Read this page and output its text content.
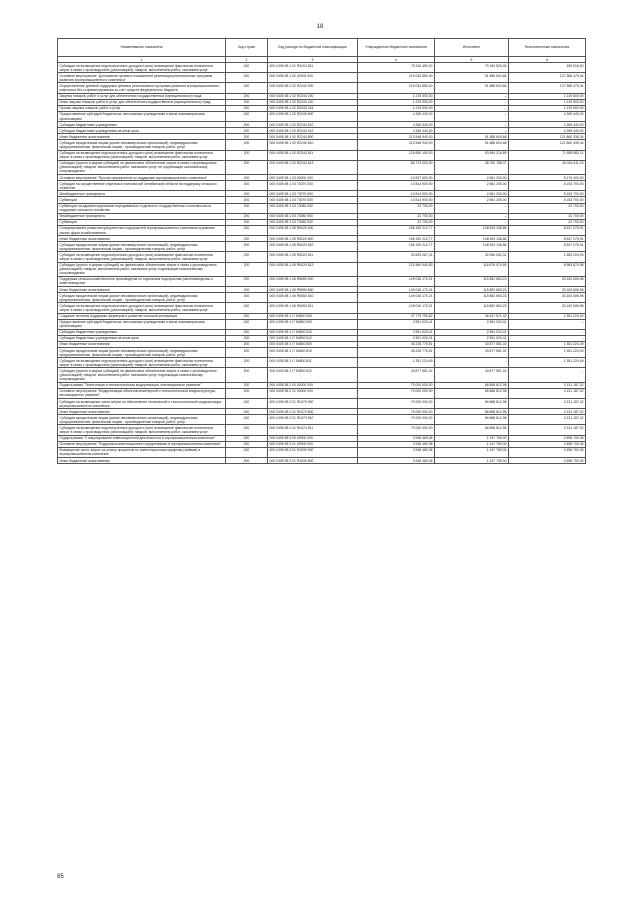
18
Наименование показателя	Код строки	Код расхода по бюджетной классификации	Утвержденные бюджетные назначения	Исполнено	Неисполненные назначения
1	2	3	4	5	6
Субсидии на возмещение недополученных доходов и (или) возмещение фактически понесенных затрат в связи с производством (реализацией) товаров, выполнением работ, оказанием услуг	200	000 0405 58 1 01 R3410 811	79 316 450,00	79 160 520,00	155 918,00
Основное мероприятие "Достижение целевых показателей реализации региональных программ развития агропромышленного комплекса"	200	000 0405 58 1 02 00000 000	219 033 880,00	91 688 604,66	127 365 475,34
Осуществление долевой поддержки целевых региональных программ развития агропромышленного комплекса без софинансирования за счет средств федерального бюджета	200	000 0405 58 1 02 R2240 000	219 033 880,00	91 688 604,66	127 365 475,34
Закупка товаров, работ и услуг для обеспечения государственных (муниципальных) нужд	200	000 0405 58 1 02 R2240 200	1 219 500,00	–	1 219 500,00
Иные закупки товаров, работ и услуг для обеспечения государственных (муниципальных) нужд	200	000 0405 58 1 02 R2240 240	1 219 500,00	–	1 219 500,00
Прочая закупка товаров, работ и услуг	200	000 0405 58 1 02 R2240 244	1 219 500,00	–	1 219 500,00
Предоставление субсидий бюджетным, автономным учреждениям и иным некоммерческим организациям	200	000 0405 58 1 02 R2240 600	4 265 440,00	–	4 265 440,00
Субсидии бюджетным учреждениям	200	000 0405 58 1 02 R2240 610	4 265 440,00	–	4 265 440,00
Субсидии бюджетным учреждениям на иные цели	200	000 0405 58 1 02 R2240 612	4 265 440,00	–	4 265 440,00
Иные бюджетные ассигнования	200	000 0405 58 1 02 R2240 800	213 548 940,00	91 688 604,66	121 860 335,34
Субсидии юридическим лицам (кроме некоммерческих организаций), индивидуальным предпринимателям, физическим лицам - производителям товаров, работ, услуг	200	000 0405 58 1 02 R2240 810	213 548 940,00	91 688 604,66	121 860 335,34
Субсидии на возмещение недополученных доходов и (или) возмещение фактически понесенных затрат в связи с производством (реализацией) товаров, выполнением работ, оказанием услуг	200	000 0405 58 1 02 R2240 811	125 850 100,00	53 994 216,89	71 855 883,11
Субсидии (гранты в форме субсидий) на финансовое обеспечение затрат в связи с производством (реализацией) товаров, выполнением работ, оказанием услуг, не подлежащие казначейскому сопровождению	200	000 0405 58 1 02 R2240 813	83 723 000,00	38 750 788,07	45 016 611,23
Основное мероприятие "Прочие мероприятия по поддержке агропромышленного комплекса"	200	000 0405 58 1 03 00000 000	10 837 600,00	2 661 200,00	8 176 400,00
Субсидии на осуществление отдельных полномочий Челябинской области на поддержку сельского хозяйства	200	000 0405 58 1 03 73070 000	10 814 900,00	2 661 200,00	8 153 700,00
Межбюджетные трансферты	200	000 0405 58 1 03 73070 500	10 814 900,00	2 661 200,00	8 153 700,00
Субвенции	200	000 0405 58 1 03 73070 530	10 814 900,00	2 661 200,00	8 153 700,00
Субвенции на администрирование передаваемого отдельного государственного полномочия по поддержке сельского хозяйства	200	000 0405 58 1 03 73080 000	22 700,00	–	22 700,00
Межбюджетные трансферты	200	000 0405 58 1 03 73080 500	22 700,00	–	22 700,00
Субвенции	200	000 0405 58 1 03 73080 530	22 700,00	–	22 700,00
Стимулирование развития приоритетных подотраслей агропромышленного комплекса и развитие малых форм хозяйствования	200	000 0405 58 1 05 R5020 000	156 190 212,77	148 943 136,86	8 547 075,91
Иные бюджетные ассигнования	200	000 0405 58 1 05 R5020 800	156 190 212,77	148 943 136,86	8 547 075,91
Субсидии юридическим лицам (кроме некоммерческих организаций), индивидуальным предпринимателям, физическим лицам - производителям товаров, работ, услуг	200	000 0405 58 1 05 R5020 810	156 190 212,77	148 943 136,86	8 547 075,91
Субсидии на возмещение недополученных доходов и (или) возмещение фактически понесенных затрат в связи с производством (реализацией) товаров, выполнением работ, оказанием услуг	200	000 0405 58 1 05 R5020 811	33 629 267,24	32 066 062,31	1 563 204,93
Субсидии (гранты в форме субсидий) на финансовое обеспечение затрат в связи с производством (реализацией) товаров, выполнением работ, оказанием услуг, подлежащие казначейскому сопровождению	200	000 0405 58 1 05 R5020 813	122 560 945,53	116 876 074,55	6 983 870,98
Поддержка сельскохозяйственного производства по отдельным подотраслям растениеводства и животноводства	200	000 0405 58 1 06 R5080 000	149 016 170,21	115 852 663,23	33 163 506,98
Иные бюджетные ассигнования	200	000 0405 58 1 06 R5080 800	149 016 170,21	115 852 663,23	33 163 506,98
Субсидии юридическим лицам (кроме некоммерческих организаций), индивидуальным предпринимателям, физическим лицам - производителям товаров, работ, услуг	200	000 0405 58 1 06 R5080 810	149 016 170,21	115 852 663,23	33 163 506,98
Субсидии на возмещение недополученных доходов и (или) возмещение фактически понесенных затрат в связи с производством (реализацией) товаров, выполнением работ, оказанием услуг	200	000 0405 58 1 06 R5080 811	149 016 170,21	115 852 663,23	33 163 506,98
Создание системы поддержки фермеров и развитие сельской кооперации	200	000 0405 58 1 I7 54800 000	47 779 795,82	46 427 571,42	1 351 224,40
Предоставление субсидий бюджетным, автономным учреждениям и иным некоммерческим организациям	200	000 0405 58 1 I7 54800 600	2 551 020,41	2 551 020,41	–
Субсидии бюджетным учреждениям	200	000 0405 58 1 I7 54800 610	2 551 020,41	2 551 020,41	–
Субсидии бюджетным учреждениям на иные цели	200	000 0405 58 1 I7 54800 612	2 551 020,41	2 551 020,41	–
Иные бюджетные ассигнования	200	000 0405 58 1 I7 54800 800	45 228 775,51	43 877 551,02	1 351 224,49
Субсидии юридическим лицам (кроме некоммерческих организаций), индивидуальным предпринимателям, физическим лицам - производителям товаров, работ, услуг	200	000 0405 58 1 I7 54800 810	45 228 775,51	43 877 551,02	1 351 224,49
Субсидии на возмещение недополученных доходов и (или) возмещение фактически понесенных затрат в связи с производством (реализацией) товаров, выполнением работ, оказанием услуг	200	000 0405 58 1 I7 54800 811	1 351 224,49	–	1 351 224,49
Субсидии (гранты в форме субсидий) на финансовое обеспечение затрат в связи с производством (реализацией) товаров, выполнением работ, оказанием услуг, подлежащие казначейскому сопровождению	200	000 0405 58 1 I7 54800 812	43 877 551,02	43 877 551,02	–
Подпрограмма "Техническая и технологическая модернизация, инновационное развитие"	200	000 0405 58 2 00 00000 000	70 000 000,00	66 868 812,98	3 131 187,02
Основное мероприятие "Модернизация объектов инженерной и технологической инфраструктуры, инновационное развитие"	200	000 0405 58 2 01 00000 000	70 000 000,00	66 868 812,98	3 131 187,02
Субсидии на возмещение части затрат на обеспечение технической и технологической модернизации агропромышленного комплекса	200	000 0405 58 2 01 R2470 000	70 000 000,00	66 868 812,98	3 131 187,02
Иные бюджетные ассигнования	200	000 0405 58 2 01 R2470 800	70 000 000,00	66 868 812,98	3 131 187,02
Субсидии юридическим лицам (кроме некоммерческих организаций), индивидуальным предпринимателям, физическим лицам - производителям товаров, работ, услуг	200	000 0405 58 2 01 R2470 810	70 000 000,00	66 868 812,98	3 131 187,02
Субсидии на возмещение недополученных доходов и (или) возмещение фактически понесенных затрат в связи с производством (реализацией) товаров, выполнением работ, оказанием услуг	200	000 0405 58 2 01 R2470 811	70 000 000,00	66 868 812,98	3 131 187,02
Подпрограмма "Стимулирование инвестиционной деятельности в агропромышленном комплексе"	200	000 0405 58 3 00 00000 000	3 946 469,36	1 247 769,00	2 698 700,36
Основное мероприятие "Поддержка инвестиционного кредитования в агропромышленном комплексе"	200	000 0405 58 3 01 00000 000	3 946 469,36	1 247 769,00	2 698 700,36
Возмещение части затрат на уплату процентов по инвестиционным кредитам (займам) в агропромышленном комплексе	200	000 0405 58 3 01 R4330 000	3 946 469,36	1 247 769,00	2 698 700,36
Иные бюджетные ассигнования	200	000 0405 58 3 01 R4330 800	3 946 469,36	1 247 769,00	2 698 700,36
85
